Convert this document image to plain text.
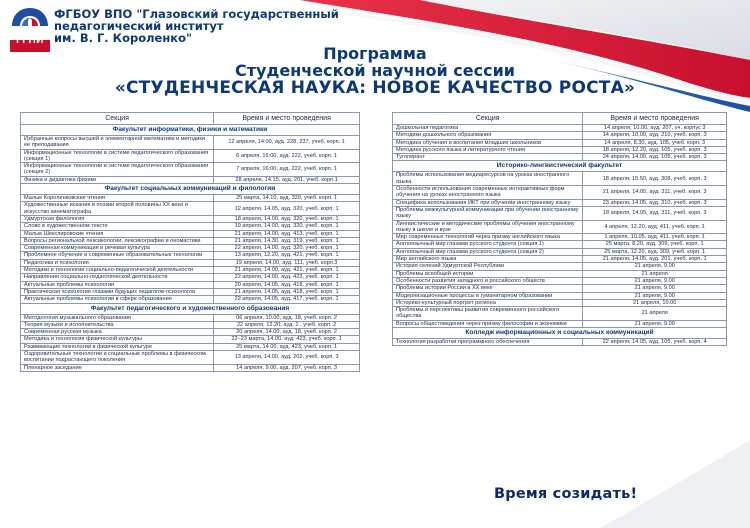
ГГПИ
ФГБОУ ВПО "Глазовский государственный
педагогический институт
им. В. Г. Короленко"
Программа
Студенческой научной сессии
«СТУДЕНЧЕСКАЯ НАУКА: НОВОЕ КАЧЕСТВО РОСТА»
Секция	Время и место проведения
Факультет информатики, физики и математики	
Избранные вопросы высшей и элементарной математики и методики ее преподавания	12 апреля, 14:00, ауд. 228, 237, учеб. корп. 1
Информационные технологии в системе педагогического образования (секция 1)	6 апреля, 16:00, ауд. 222, учеб. корп. 1
Информационные технологии в системе педагогического образования (секция 2)	7 апреля, 16:00, ауд. 222, учеб. корп. 1
Физика и дидактика физики	28 апреля, 14.15, ауд. 201, учеб. корп.1
Факультет социальных коммуникаций и филологии	
Малые Короленковские чтения	25 марта, 14.10, ауд. 320, учеб. корп. 1
Художественные искания в поэзии второй половины XX века и искусство кинематографа	12 апреля, 14.05, ауд. 320, учеб. корп. 1
Удмуртская филология	18 апреля, 14.00, ауд. 320, учеб. корп. 1
Слово в художественном тексте	19 апреля, 14.00, ауд. 320, учеб. корп. 1
Малые Шекспировские чтения	21 апреля, 14.00, ауд. 413, учеб. корп. 1
Вопросы региональной лексикологии, лексикографии и ономастики	21 апреля, 14.30, ауд. 319, учеб. корп. 1
Современная коммуникация и речевая культура	22 апреля, 14.00, ауд. 320, учеб. корп. 1
Проблемное обучение и современные образовательные технологии	13 апреля, 12.20, ауд. 421, учеб. корп. 1
Педагогика и психология	19 апреля, 14.00, ауд. 111, учеб. корп.3
Методики и технологии социально-педагогической деятельности	21 апреля, 14.00, ауд. 421, учеб. корп. 1
Направления социально-педагогической деятельности	22 апреля, 14.00, ауд. 423, учеб. корп. 1
Актуальные проблемы психологии	20 апреля, 14.05, ауд. 418, учеб. корп. 1
Практическая психология глазами будущих педагогов-психологов	21 апреля, 14.05, ауд. 418, учеб. корп. 1
Актуальные проблемы психологии в сфере образования	22 апреля, 14.05, ауд. 417, учеб. корп. 1
Факультет педагогического и художественного образования	
Методология музыкального образования	06 апреля, 10.00, ауд. 18, учеб. корп. 2
Теория музыки и исполнительства	22 апреля, 12.20, ауд. 1 , учеб. корп. 2
Современная русская музыка	20 апреля, 14.00, ауд. 18, учеб. корп. 2
Методика и технология физической культуры	22–23 марта, 14.00, ауд. 423, учеб. корп. 1
Развивающие технологии в физической культуре	25 марта, 14.00, ауд. 423, учеб. корп. 1
Оздоровительные технологии и социальные проблемы в физическом воспитании подрастающего поколения	13 апреля, 14.00, ауд. 202, учеб. корп. 3
Пленарное заседание	14 апреля, 9.00, ауд. 207, учеб. корп. 3
Секция	Время и место проведения
Дошкольная педагогика	14 апреля, 10.00, ауд. 207, уч. корпус 3
Методики дошкольного образования	14 апреля, 10.00, ауд. 210, учеб. корп. 3
Методика обучения и воспитания младших школьников	14 апреля, 8.30, ауд. 105, учеб. корп. 3
Методика русского языка и литературного чтения	18 апреля, 12.20, ауд. 105, учеб. корп. 3
Туголерант	24 апреля, 14.00, ауд. 105, учеб. корп. 3
Историко-лингвистический факультет	
Проблемы использования медиаресурсов на уроках иностранного языка	18 апреля, 15.50, ауд. 308, учеб. корп. 3
Особенности использования современных интерактивных форм обучения на уроках иностранного языка	21 апреля, 14.05, ауд. 311, учеб. корп. 3
Специфика использования ИКТ при обучении иностранному языку	23 апреля, 14.05, ауд. 310, учеб. корп. 3
Проблемы межкультурной коммуникации при обучении иностранному языку	18 апреля, 14.05, ауд. 311, учеб. корп. 3
Лингвистические и методические проблемы обучения иностранному языку в школе и вузе	4 апреля, 12.20, ауд. 411, учеб. корп. 1
Мир современных технологий через призму английского языка	1 апреля, 10.05, ауд. 411, учеб. корп. 1
Англоязычный мир глазами русского студента (секция 1)	25 марта, 8.20, ауд. 309, учеб. корп. 1
Англоязычный мир глазами русского студента (секция 2)	25 марта, 12.20, ауд. 309, учеб. корп. 1
Мир английского языка	21 апреля, 14.05, ауд. 201, учеб. корп. 1
История селений Удмуртской Республики	21 апреля, 9.00
Проблемы всеобщей истории	21 апреля
Особенности развития западного и российского обществ	21 апреля, 9.00
Проблемы истории России в XX веке	21 апреля, 9.00
Модернизационные процессы в гуманитарном образовании	21 апреля, 9.00
Историко-культурный портрет региона	21 апреля, 10.00
Проблемы и перспективы развития современного российского общества	21 апреля
Вопросы общестоведения через призму философии и экономики	21 апреля, 9.00
Колледж информационных и социальных коммуникаций	
Технология разработки программного обеспечения	22 апреля, 14.05, ауд. 105, учеб. корп. 4
Время созидать!
